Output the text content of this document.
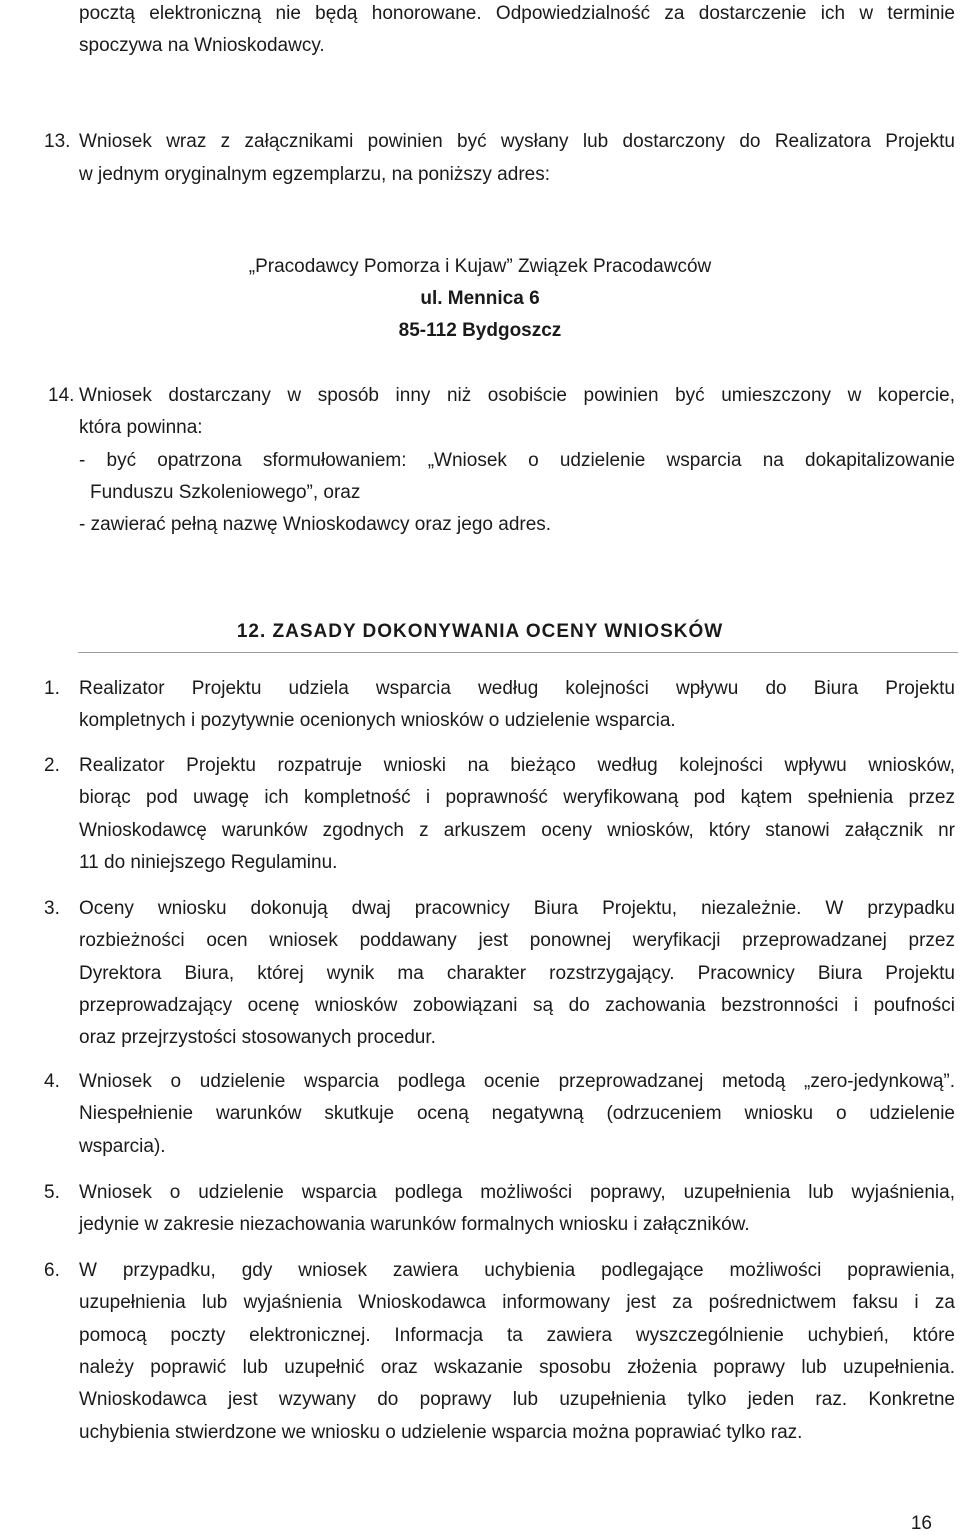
pocztą elektroniczną nie będą honorowane. Odpowiedzialność za dostarczenie ich w terminie
spoczywa na Wnioskodawcy.
13. Wniosek wraz z załącznikami powinien być wysłany lub dostarczony do Realizatora Projektu
w jednym oryginalnym egzemplarzu, na poniższy adres:
„Pracodawcy Pomorza i Kujaw” Związek Pracodawców
ul. Mennica 6
85-112 Bydgoszcz
14. Wniosek dostarczany w sposób inny niż osobiście powinien być umieszczony w kopercie,
która powinna:
- być opatrzona sformułowaniem: „Wniosek o udzielenie wsparcia na dokapitalizowanie
Funduszu Szkoleniowego”, oraz
- zawierać pełną nazwę Wnioskodawcy oraz jego adres.
12. ZASADY DOKONYWANIA OCENY WNIOSKÓW
1. Realizator Projektu udziela wsparcia według kolejności wpływu do Biura Projektu
kompletnych i pozytywnie ocenionych wniosków o udzielenie wsparcia.
2. Realizator Projektu rozpatruje wnioski na bieżąco według kolejności wpływu wniosków,
biorąc pod uwagę ich kompletność i poprawność weryfikowaną pod kątem spełnienia przez
Wnioskodawcę warunków zgodnych z arkuszem oceny wniosków, który stanowi załącznik nr
11 do niniejszego Regulaminu.
3. Oceny wniosku dokonują dwaj pracownicy Biura Projektu, niezależnie. W przypadku
rozbieżności ocen wniosek poddawany jest ponownej weryfikacji przeprowadzanej przez
Dyrektora Biura, której wynik ma charakter rozstrzygający. Pracownicy Biura Projektu
przeprowadzający ocenę wniosków zobowiązani są do zachowania bezstronności i poufności
oraz przejrzystości stosowanych procedur.
4. Wniosek o udzielenie wsparcia podlega ocenie przeprowadzanej metodą „zero-jedynkową”.
Niespełnienie warunków skutkuje oceną negatywną (odrzuceniem wniosku o udzielenie
wsparcia).
5. Wniosek o udzielenie wsparcia podlega możliwości poprawy, uzupełnienia lub wyjaśnienia,
jedynie w zakresie niezachowania warunków formalnych wniosku i załączników.
6. W przypadku, gdy wniosek zawiera uchybienia podlegające możliwości poprawienia,
uzupełnienia lub wyjaśnienia Wnioskodawca informowany jest za pośrednictwem faksu i za
pomocą poczty elektronicznej. Informacja ta zawiera wyszczególnienie uchybień, które
należy poprawić lub uzupełnić oraz wskazanie sposobu złożenia poprawy lub uzupełnienia.
Wnioskodawca jest wzywany do poprawy lub uzupełnienia tylko jeden raz. Konkretne
uchybienia stwierdzone we wniosku o udzielenie wsparcia można poprawiać tylko raz.
16
